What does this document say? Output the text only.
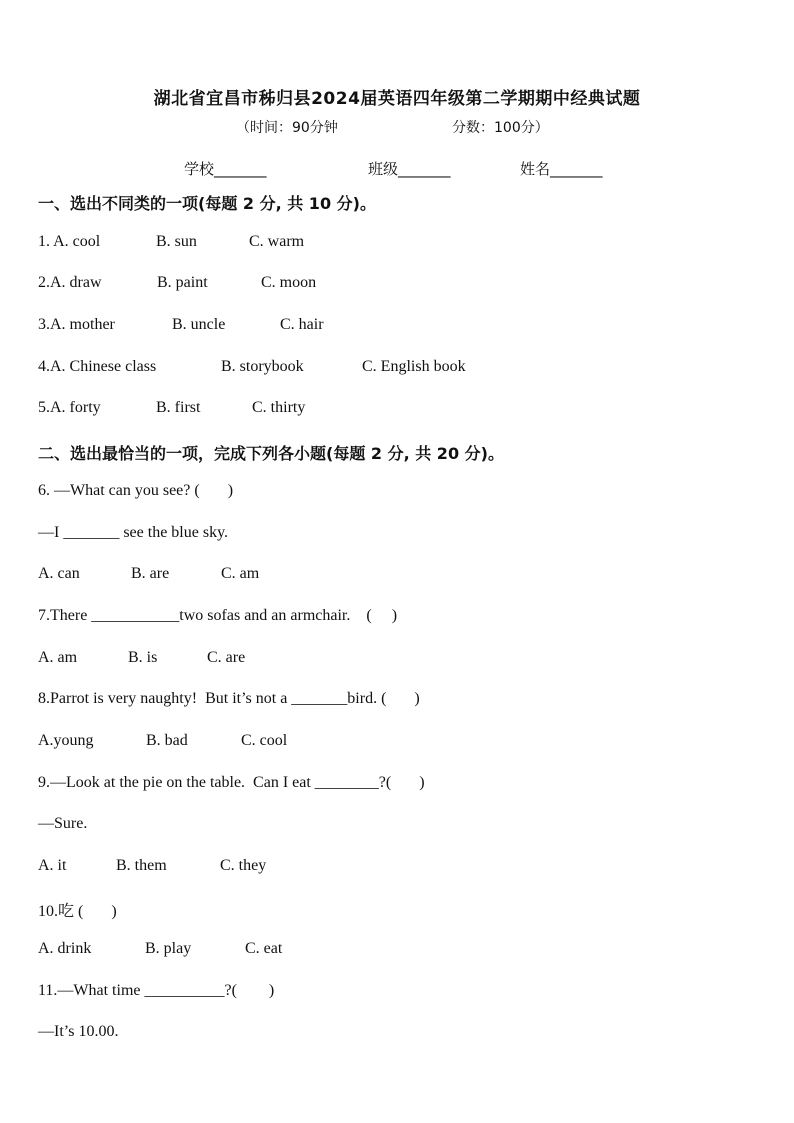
湖北省宜昌市秭归县2024届英语四年级第二学期期中经典试题
（时间：90分钟	分数：100分）
学校_______	班级_______	姓名_______
一、选出不同类的一项(每题 2 分, 共 10 分)。
1. A. cool	B. sun	C. warm
2.A. draw	B. paint	C. moon
3.A. mother	B. uncle	C. hair
4.A. Chinese class	B. storybook	C. English book
5.A. forty	B. first	C. thirty
二、选出最恰当的一项，完成下列各小题(每题 2 分, 共 20 分)。
6. —What can you see? (       )
—I _______ see the blue sky.
A. can	B. are	C. am
7.There ___________two sofas and an armchair.    (     )
A. am	B. is	C. are
8.Parrot is very naughty!  But it’s not a _______bird. (       )
A.young	B. bad	C. cool
9.—Look at the pie on the table.  Can I eat ________?(       )
—Sure.
A. it	B. them	C. they
10.吃 (       )
A. drink	B. play	C. eat
11.—What time __________?(        )
—It’s 10.00.
